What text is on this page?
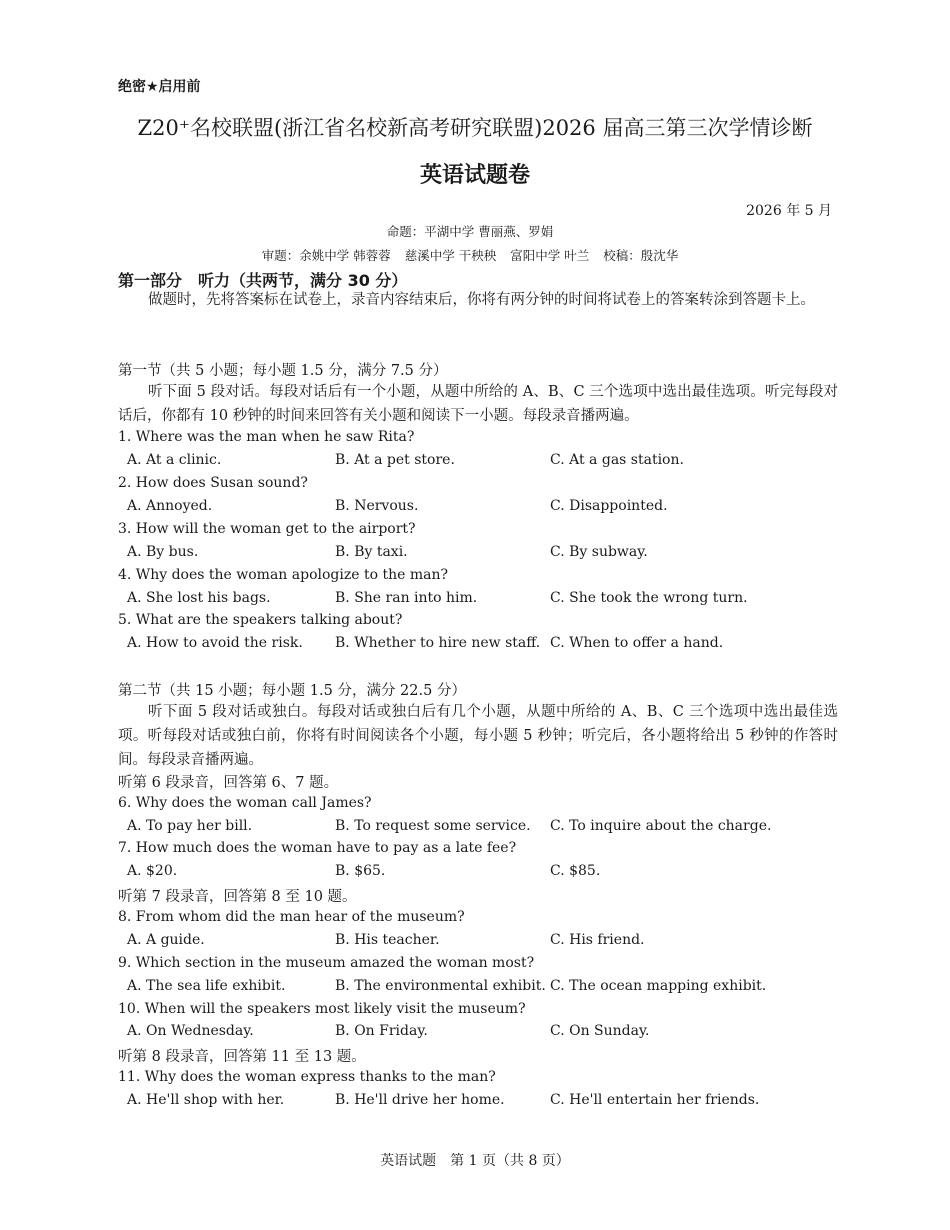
绝密★启用前
Z20⁺名校联盟(浙江省名校新高考研究联盟)2026 届高三第三次学情诊断
英语试题卷
2026 年 5 月
命题：平湖中学 曹丽燕、罗娟
审题：余姚中学 韩蓉蓉 慈溪中学 干秧秧 富阳中学 叶兰 校稿：殷沈华
第一部分　听力（共两节，满分 30 分）
做题时，先将答案标在试卷上，录音内容结束后，你将有两分钟的时间将试卷上的答案转涂到答题卡上。
第一节（共 5 小题；每小题 1.5 分，满分 7.5 分）
听下面 5 段对话。每段对话后有一个小题，从题中所给的 A、B、C 三个选项中选出最佳选项。听完每段对话后，你都有 10 秒钟的时间来回答有关小题和阅读下一小题。每段录音播两遍。
1. Where was the man when he saw Rita?
A. At a clinic.	B. At a pet store.	C. At a gas station.
2. How does Susan sound?
A. Annoyed.	B. Nervous.	C. Disappointed.
3. How will the woman get to the airport?
A. By bus.	B. By taxi.	C. By subway.
4. Why does the woman apologize to the man?
A. She lost his bags.	B. She ran into him.	C. She took the wrong turn.
5. What are the speakers talking about?
A. How to avoid the risk. B. Whether to hire new staff. C. When to offer a hand.
第二节（共 15 小题；每小题 1.5 分，满分 22.5 分）
听下面 5 段对话或独白。每段对话或独白后有几个小题，从题中所给的 A、B、C 三个选项中选出最佳选项。听每段对话或独白前，你将有时间阅读各个小题，每小题 5 秒钟；听完后，各小题将给出 5 秒钟的作答时间。每段录音播两遍。
听第 6 段录音，回答第 6、7 题。
6. Why does the woman call James?
A. To pay her bill.	B. To request some service. C. To inquire about the charge.
7. How much does the woman have to pay as a late fee?
A. $20.	B. $65.	C. $85.
听第 7 段录音，回答第 8 至 10 题。
8. From whom did the man hear of the museum?
A. A guide.	B. His teacher.	C. His friend.
9. Which section in the museum amazed the woman most?
A. The sea life exhibit.	B. The environmental exhibit. C. The ocean mapping exhibit.
10. When will the speakers most likely visit the museum?
A. On Wednesday.	B. On Friday.	C. On Sunday.
听第 8 段录音，回答第 11 至 13 题。
11. Why does the woman express thanks to the man?
A. He'll shop with her.	B. He'll drive her home.	C. He'll entertain her friends.
英语试题　第 1 页（共 8 页）
